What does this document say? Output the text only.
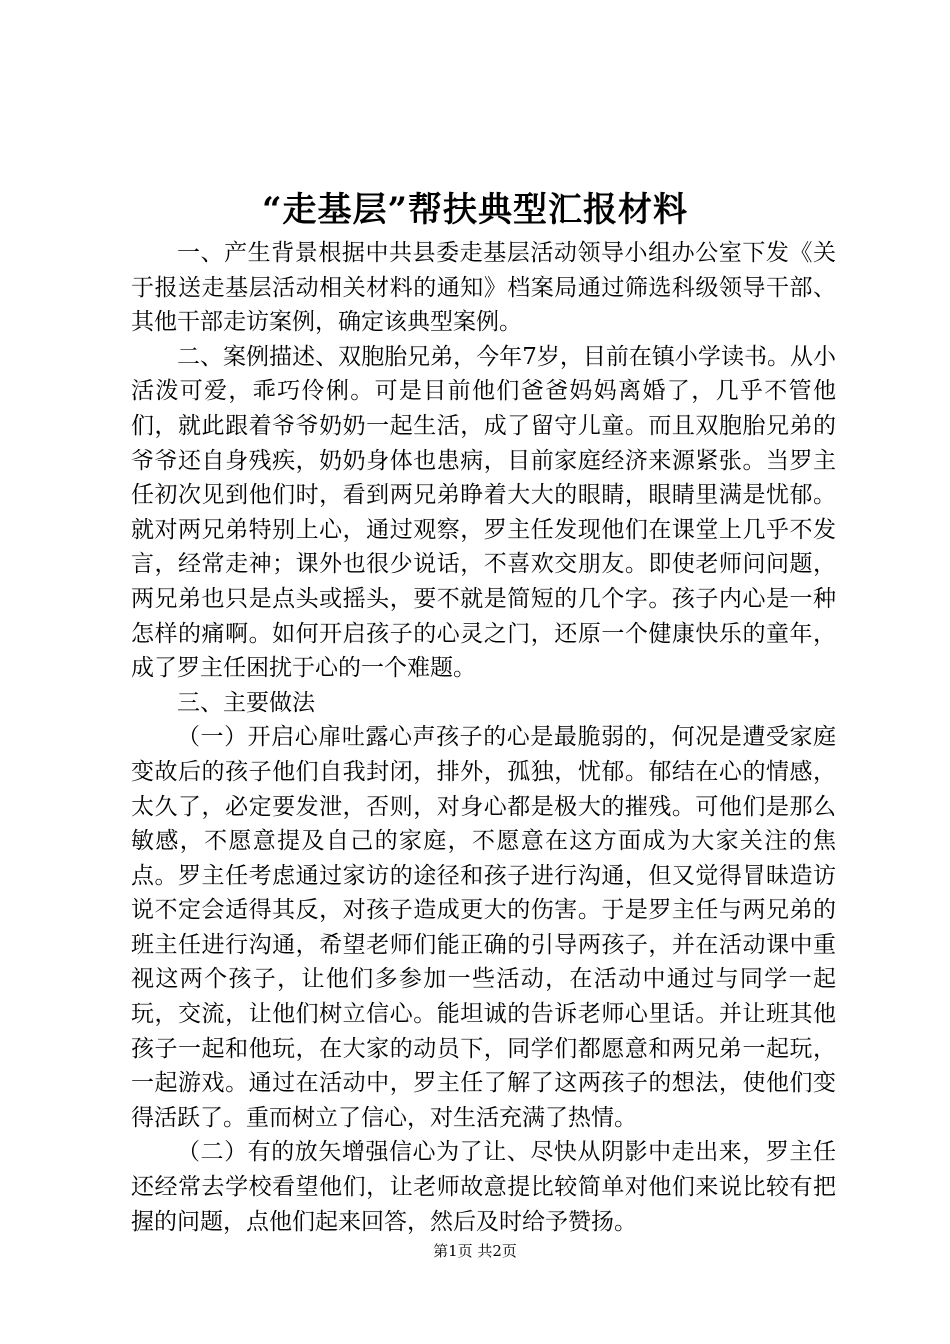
“走基层”帮扶典型汇报材料

一、产生背景根据中共县委走基层活动领导小组办公室下发《关于报送走基层活动相关材料的通知》档案局通过筛选科级领导干部、其他干部走访案例，确定该典型案例。

二、案例描述、双胞胎兄弟，今年7岁，目前在镇小学读书。从小活泼可爱，乖巧伶俐。可是目前他们爸爸妈妈离婚了，几乎不管他们，就此跟着爷爷奶奶一起生活，成了留守儿童。而且双胞胎兄弟的爷爷还自身残疾，奶奶身体也患病，目前家庭经济来源紧张。当罗主任初次见到他们时，看到两兄弟睁着大大的眼睛，眼睛里满是忧郁。就对两兄弟特别上心，通过观察，罗主任发现他们在课堂上几乎不发言，经常走神；课外也很少说话，不喜欢交朋友。即使老师问问题，两兄弟也只是点头或摇头，要不就是简短的几个字。孩子内心是一种怎样的痛啊。如何开启孩子的心灵之门，还原一个健康快乐的童年，成了罗主任困扰于心的一个难题。

三、主要做法

（一）开启心扉吐露心声孩子的心是最脆弱的，何况是遭受家庭变故后的孩子他们自我封闭，排外，孤独，忧郁。郁结在心的情感，太久了，必定要发泄，否则，对身心都是极大的摧残。可他们是那么敏感，不愿意提及自己的家庭，不愿意在这方面成为大家关注的焦点。罗主任考虑通过家访的途径和孩子进行沟通，但又觉得冒昧造访说不定会适得其反，对孩子造成更大的伤害。于是罗主任与两兄弟的班主任进行沟通，希望老师们能正确的引导两孩子，并在活动课中重视这两个孩子，让他们多参加一些活动，在活动中通过与同学一起玩，交流，让他们树立信心。能坦诚的告诉老师心里话。并让班其他孩子一起和他玩，在大家的动员下，同学们都愿意和两兄弟一起玩，一起游戏。通过在活动中，罗主任了解了这两孩子的想法，使他们变得活跃了。重而树立了信心，对生活充满了热情。

（二）有的放矢增强信心为了让、尽快从阴影中走出来，罗主任还经常去学校看望他们，让老师故意提比较简单对他们来说比较有把握的问题，点他们起来回答，然后及时给予赞扬。

第1页 共2页
